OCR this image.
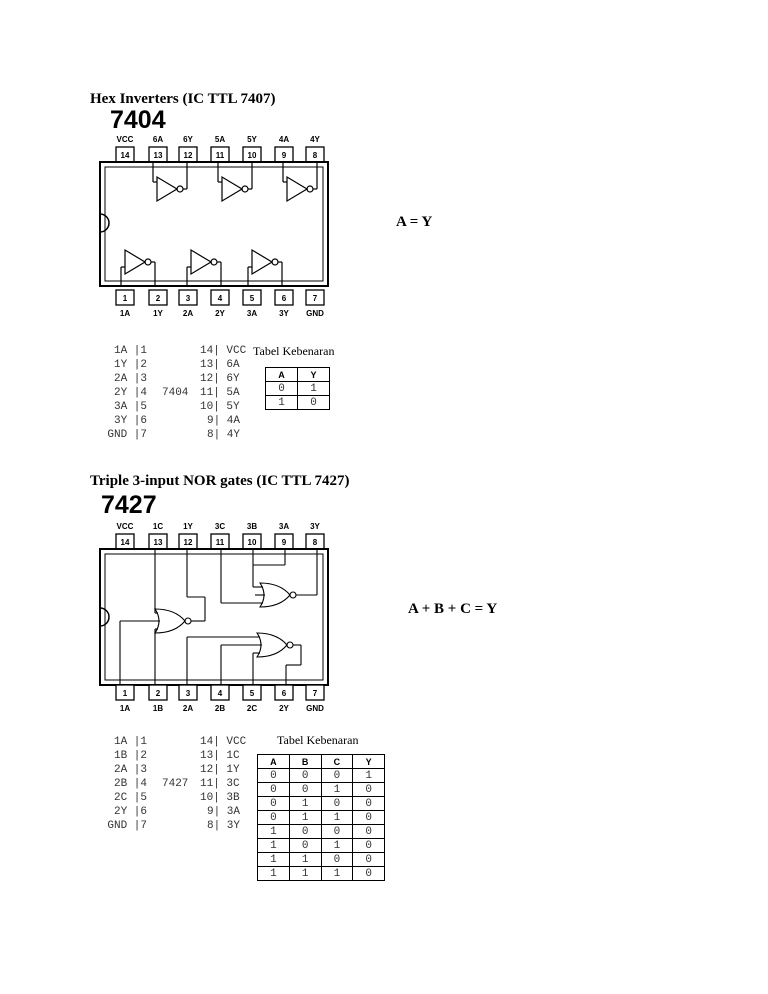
Hex Inverters (IC TTL 7407)
7404
VCC 6A 6Y	5A	5Y	4A	4Y
14	13	12	11	10	9	8
1	2	3	4	5	6	7
1A	1Y 2A	2Y	3A	3Y GND
A = Y
1A |1	14| VCC
1Y |2	13| 6A
2A |3	12| 6Y
2Y |4 7404 11| 5A
3A |5	10| 5Y
3Y |6	9| 4A
GND |7	8| 4Y
Tabel Kebenaran
A	Y
0	1
1	0
Triple 3-input NOR gates (IC TTL 7427)
7427
VCC 1C 1Y	3C	3B	3A	3Y
14	13	12	11	10	9	8
1	2	3	4	5	6	7
1A	1B 2A	2B	2C	2Y GND
A + B + C = Y
1A |1	14| VCC
1B |2	13| 1C
2A |3	12| 1Y
2B |4 7427 11| 3C
2C |5	10| 3B
2Y |6	9| 3A
GND |7	8| 3Y
Tabel Kebenaran
A	B	C	Y
0	0	0	1
0	0	1	0
0	1	0	0
0	1	1	0
1	0	0	0
1	0	1	0
1	1	0	0
1	1	1	0
